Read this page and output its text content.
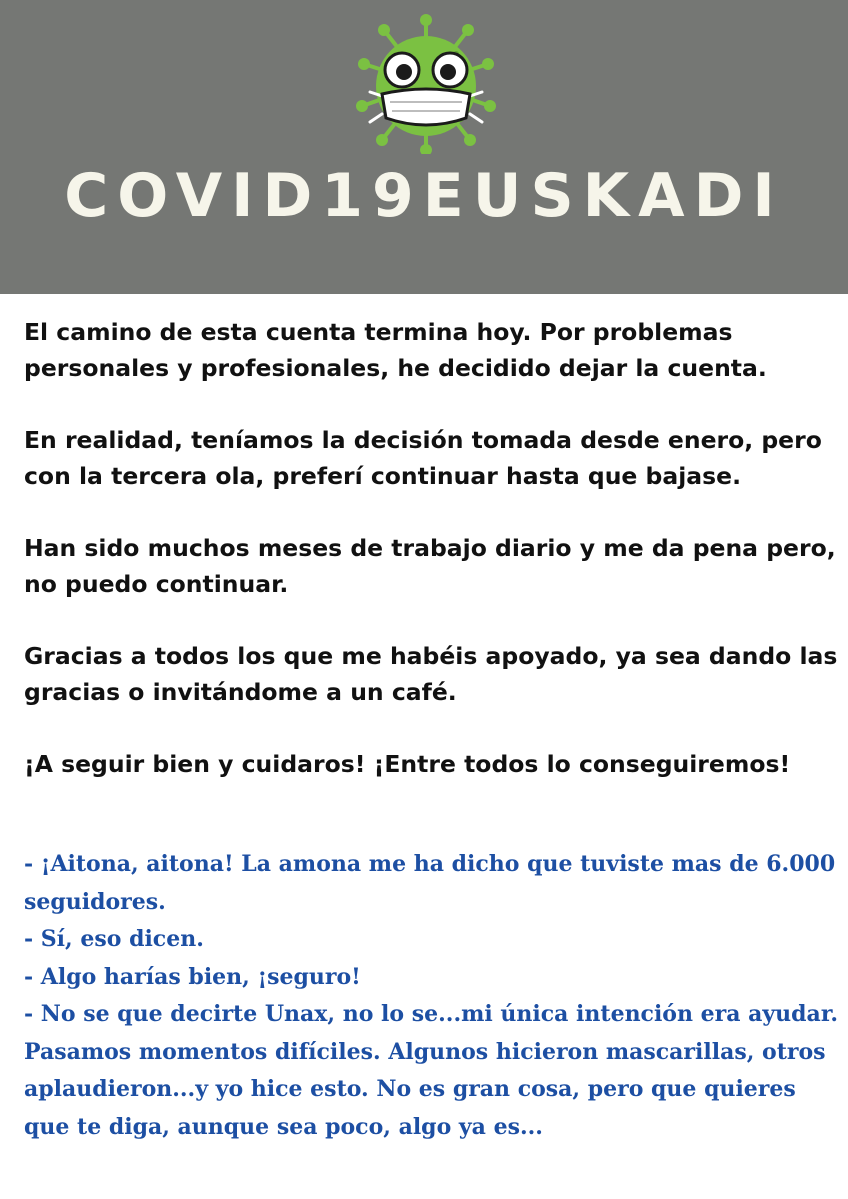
COVID19EUSKADI

El camino de esta cuenta termina hoy. Por problemas personales y profesionales, he decidido dejar la cuenta.

En realidad, teníamos la decisión tomada desde enero, pero con la tercera ola, preferí continuar hasta que bajase.

Han sido muchos meses de trabajo diario y me da pena pero, no puedo continuar.

Gracias a todos los que me habéis apoyado, ya sea dando las gracias o invitándome a un café.

¡A seguir bien y cuidaros! ¡Entre todos lo conseguiremos!

- ¡Aitona, aitona! La amona me ha dicho que tuviste mas de 6.000 seguidores.

- Sí, eso dicen.

- Algo harías bien, ¡seguro!

- No se que decirte Unax, no lo se...mi única intención era ayudar. Pasamos momentos difíciles. Algunos hicieron mascarillas, otros aplaudieron...y yo hice esto. No es gran cosa, pero que quieres que te diga, aunque sea poco, algo ya es...
